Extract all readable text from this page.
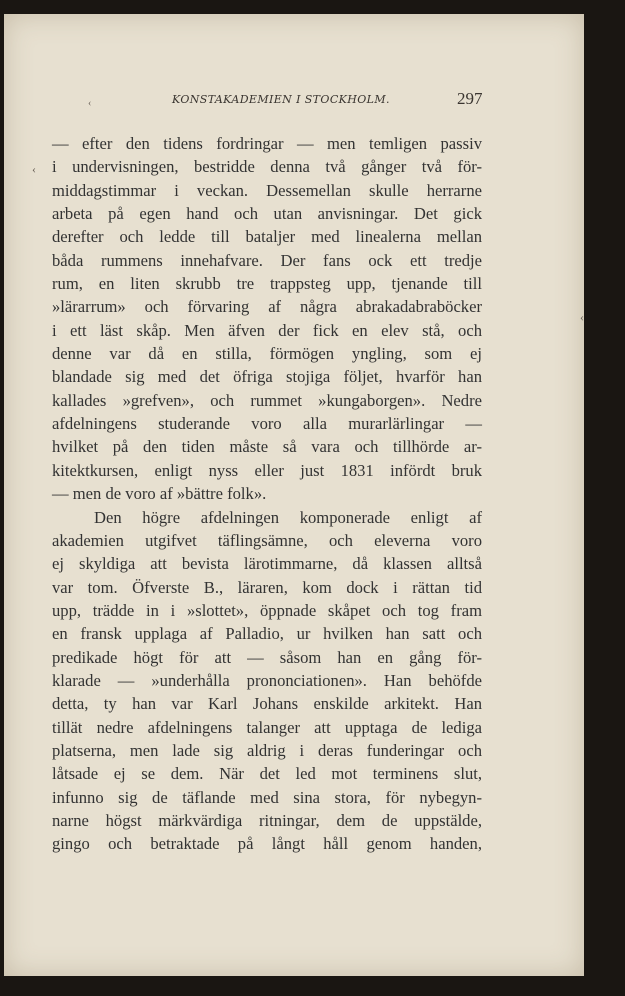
KONSTAKADEMIEN I STOCKHOLM.	297
‹
‹
‹
— efter den tidens fordringar — men temligen passiv
i undervisningen, bestridde denna två gånger två för-
middagstimmar i veckan. Dessemellan skulle herrarne
arbeta på egen hand och utan anvisningar. Det gick
derefter och ledde till bataljer med linealerna mellan
båda rummens innehafvare. Der fans ock ett tredje
rum, en liten skrubb tre trappsteg upp, tjenande till
»lärarrum» och förvaring af några abrakadabraböcker
i ett läst skåp. Men äfven der fick en elev stå, och
denne var då en stilla, förmögen yngling, som ej
blandade sig med det öfriga stojiga följet, hvarför han
kallades »grefven», och rummet »kungaborgen». Nedre
afdelningens studerande voro alla murarlärlingar —
hvilket på den tiden måste så vara och tillhörde ar-
kitektkursen, enligt nyss eller just 1831 infördt bruk
— men de voro af »bättre folk».
Den högre afdelningen komponerade enligt af
akademien utgifvet täflingsämne, och eleverna voro
ej skyldiga att bevista lärotimmarne, då klassen alltså
var tom. Öfverste B., läraren, kom dock i rättan tid
upp, trädde in i »slottet», öppnade skåpet och tog fram
en fransk upplaga af Palladio, ur hvilken han satt och
predikade högt för att — såsom han en gång för-
klarade — »underhålla prononciationen». Han behöfde
detta, ty han var Karl Johans enskilde arkitekt. Han
tillät nedre afdelningens talanger att upptaga de lediga
platserna, men lade sig aldrig i deras funderingar och
låtsade ej se dem. När det led mot terminens slut,
infunno sig de täflande med sina stora, för nybegyn-
narne högst märkvärdiga ritningar, dem de uppstälde,
gingo och betraktade på långt håll genom handen,
